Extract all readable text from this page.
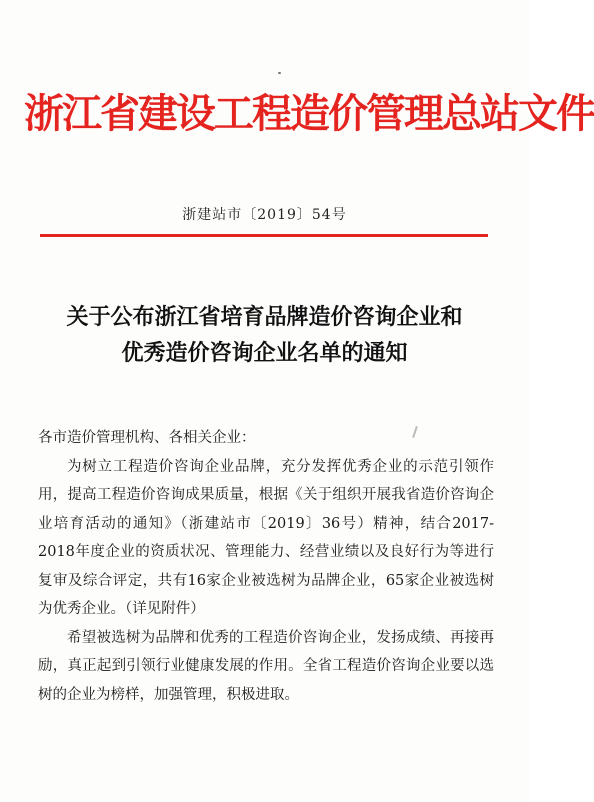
浙江省建设工程造价管理总站文件
浙建站市〔2019〕54号
关于公布浙江省培育品牌造价咨询企业和
优秀造价咨询企业名单的通知

各市造价管理机构、各相关企业：

为树立工程造价咨询企业品牌，充分发挥优秀企业的示范引领作用，提高工程造价咨询成果质量，根据《关于组织开展我省造价咨询企业培育活动的通知》（浙建站市〔2019〕36号）精神，结合2017-2018年度企业的资质状况、管理能力、经营业绩以及良好行为等进行复审及综合评定，共有16家企业被选树为品牌企业，65家企业被选树为优秀企业。（详见附件）

希望被选树为品牌和优秀的工程造价咨询企业，发扬成绩、再接再励，真正起到引领行业健康发展的作用。全省工程造价咨询企业要以选树的企业为榜样，加强管理，积极进取。
